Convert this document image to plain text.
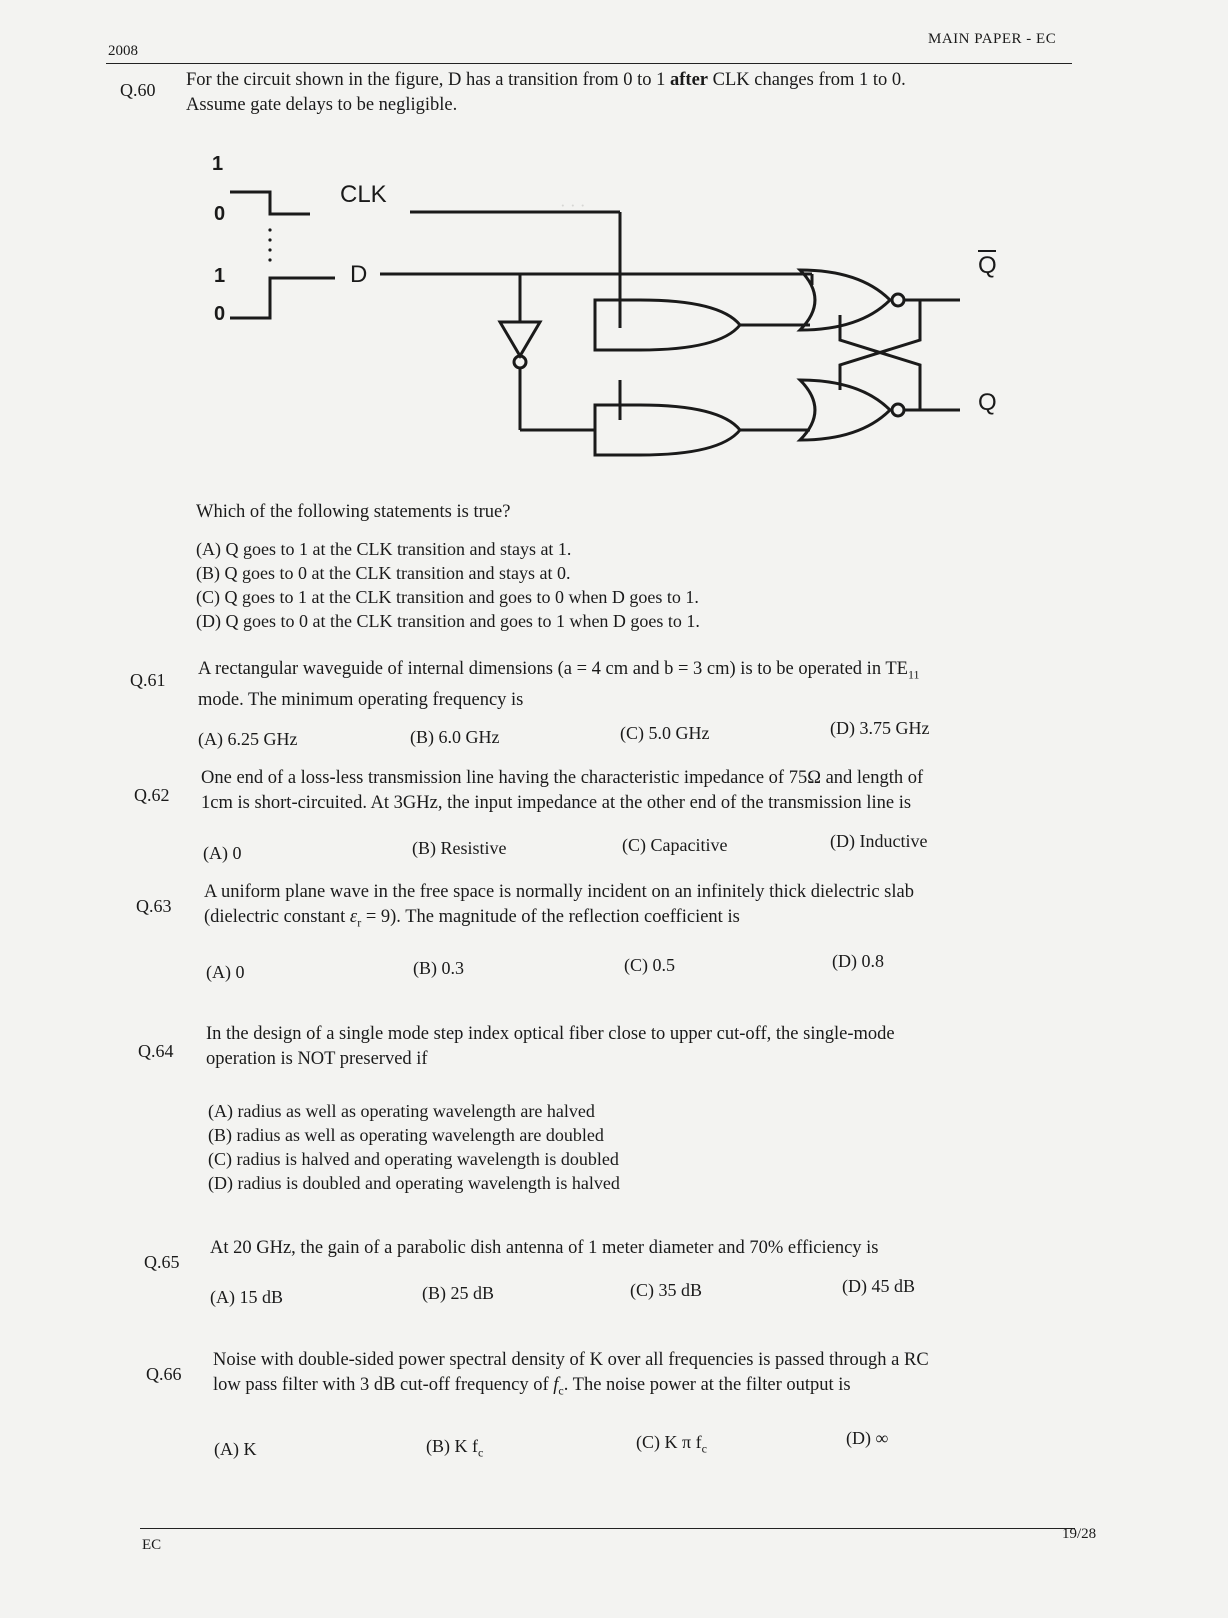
· · ·
2008
MAIN PAPER - EC
Q.60 For the circuit shown in the figure, D has a transition from 0 to 1 after CLK changes from 1 to 0.
Assume gate delays to be negligible.
1
0
CLK
1
0
D	Q
Q
Which of the following statements is true?
(A) Q goes to 1 at the CLK transition and stays at 1.
(B) Q goes to 0 at the CLK transition and stays at 0.
(C) Q goes to 1 at the CLK transition and goes to 0 when D goes to 1.
(D) Q goes to 0 at the CLK transition and goes to 1 when D goes to 1.
Q.61
A rectangular waveguide of internal dimensions (a = 4 cm and b = 3 cm) is to be operated in $TE_{11}$
mode. The minimum operating frequency is
(A) 6.25 GHz	(B) 6.0 GHz	(C) 5.0 GHz	(D) 3.75 GHz
Q.62
One end of a loss-less transmission line having the characteristic impedance of 75Ω and length of
1cm is short-circuited. At 3GHz, the input impedance at the other end of the transmission line is
(A) 0	(B) Resistive	(C) Capacitive	(D) Inductive
Q.63
A uniform plane wave in the free space is normally incident on an infinitely thick dielectric slab
(dielectric constant $\varepsilon_r = 9$). The magnitude of the reflection coefficient is
(A) 0	(B) 0.3	(C) 0.5	(D) 0.8
Q.64
In the design of a single mode step index optical fiber close to upper cut-off, the single-mode
operation is NOT preserved if
(A) radius as well as operating wavelength are halved
(B) radius as well as operating wavelength are doubled
(C) radius is halved and operating wavelength is doubled
(D) radius is doubled and operating wavelength is halved
Q.65
At 20 GHz, the gain of a parabolic dish antenna of 1 meter diameter and 70% efficiency is
(A) 15 dB	(B) 25 dB	(C) 35 dB	(D) 45 dB
Q.66
Noise with double-sided power spectral density of K over all frequencies is passed through a RC
low pass filter with 3 dB cut-off frequency of $f_c$. The noise power at the filter output is
(A) K	(B) K $f_c$
(C) K π $f_c$
(D) ∞
EC
19/28
